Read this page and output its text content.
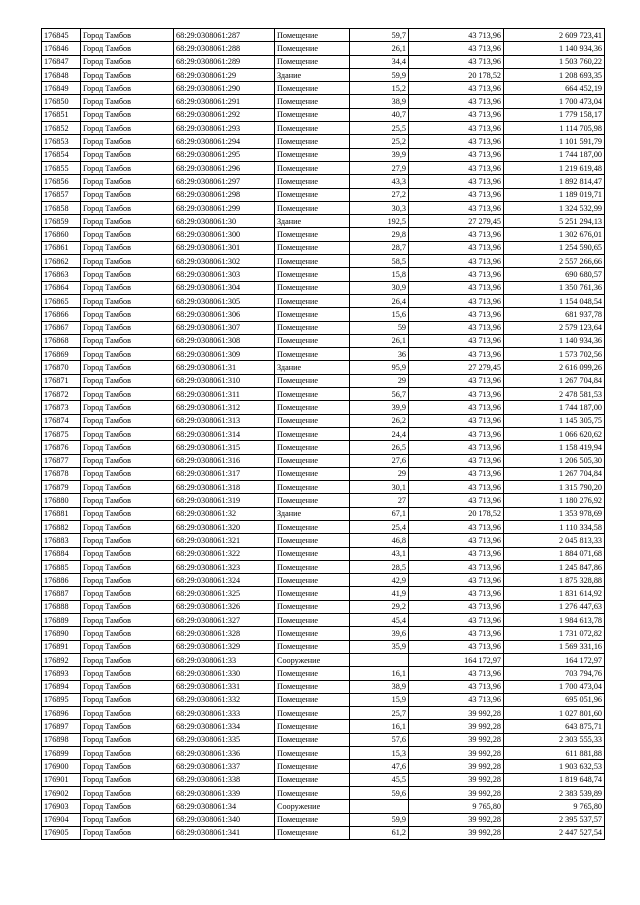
176845	Город Тамбов	68:29:0308061:287	Помещение	59,7	43 713,96	2 609 723,41
176846	Город Тамбов	68:29:0308061:288	Помещение	26,1	43 713,96	1 140 934,36
176847	Город Тамбов	68:29:0308061:289	Помещение	34,4	43 713,96	1 503 760,22
176848	Город Тамбов	68:29:0308061:29	Здание	59,9	20 178,52	1 208 693,35
176849	Город Тамбов	68:29:0308061:290	Помещение	15,2	43 713,96	664 452,19
176850	Город Тамбов	68:29:0308061:291	Помещение	38,9	43 713,96	1 700 473,04
176851	Город Тамбов	68:29:0308061:292	Помещение	40,7	43 713,96	1 779 158,17
176852	Город Тамбов	68:29:0308061:293	Помещение	25,5	43 713,96	1 114 705,98
176853	Город Тамбов	68:29:0308061:294	Помещение	25,2	43 713,96	1 101 591,79
176854	Город Тамбов	68:29:0308061:295	Помещение	39,9	43 713,96	1 744 187,00
176855	Город Тамбов	68:29:0308061:296	Помещение	27,9	43 713,96	1 219 619,48
176856	Город Тамбов	68:29:0308061:297	Помещение	43,3	43 713,96	1 892 814,47
176857	Город Тамбов	68:29:0308061:298	Помещение	27,2	43 713,96	1 189 019,71
176858	Город Тамбов	68:29:0308061:299	Помещение	30,3	43 713,96	1 324 532,99
176859	Город Тамбов	68:29:0308061:30	Здание	192,5	27 279,45	5 251 294,13
176860	Город Тамбов	68:29:0308061:300	Помещение	29,8	43 713,96	1 302 676,01
176861	Город Тамбов	68:29:0308061:301	Помещение	28,7	43 713,96	1 254 590,65
176862	Город Тамбов	68:29:0308061:302	Помещение	58,5	43 713,96	2 557 266,66
176863	Город Тамбов	68:29:0308061:303	Помещение	15,8	43 713,96	690 680,57
176864	Город Тамбов	68:29:0308061:304	Помещение	30,9	43 713,96	1 350 761,36
176865	Город Тамбов	68:29:0308061:305	Помещение	26,4	43 713,96	1 154 048,54
176866	Город Тамбов	68:29:0308061:306	Помещение	15,6	43 713,96	681 937,78
176867	Город Тамбов	68:29:0308061:307	Помещение	59	43 713,96	2 579 123,64
176868	Город Тамбов	68:29:0308061:308	Помещение	26,1	43 713,96	1 140 934,36
176869	Город Тамбов	68:29:0308061:309	Помещение	36	43 713,96	1 573 702,56
176870	Город Тамбов	68:29:0308061:31	Здание	95,9	27 279,45	2 616 099,26
176871	Город Тамбов	68:29:0308061:310	Помещение	29	43 713,96	1 267 704,84
176872	Город Тамбов	68:29:0308061:311	Помещение	56,7	43 713,96	2 478 581,53
176873	Город Тамбов	68:29:0308061:312	Помещение	39,9	43 713,96	1 744 187,00
176874	Город Тамбов	68:29:0308061:313	Помещение	26,2	43 713,96	1 145 305,75
176875	Город Тамбов	68:29:0308061:314	Помещение	24,4	43 713,96	1 066 620,62
176876	Город Тамбов	68:29:0308061:315	Помещение	26,5	43 713,96	1 158 419,94
176877	Город Тамбов	68:29:0308061:316	Помещение	27,6	43 713,96	1 206 505,30
176878	Город Тамбов	68:29:0308061:317	Помещение	29	43 713,96	1 267 704,84
176879	Город Тамбов	68:29:0308061:318	Помещение	30,1	43 713,96	1 315 790,20
176880	Город Тамбов	68:29:0308061:319	Помещение	27	43 713,96	1 180 276,92
176881	Город Тамбов	68:29:0308061:32	Здание	67,1	20 178,52	1 353 978,69
176882	Город Тамбов	68:29:0308061:320	Помещение	25,4	43 713,96	1 110 334,58
176883	Город Тамбов	68:29:0308061:321	Помещение	46,8	43 713,96	2 045 813,33
176884	Город Тамбов	68:29:0308061:322	Помещение	43,1	43 713,96	1 884 071,68
176885	Город Тамбов	68:29:0308061:323	Помещение	28,5	43 713,96	1 245 847,86
176886	Город Тамбов	68:29:0308061:324	Помещение	42,9	43 713,96	1 875 328,88
176887	Город Тамбов	68:29:0308061:325	Помещение	41,9	43 713,96	1 831 614,92
176888	Город Тамбов	68:29:0308061:326	Помещение	29,2	43 713,96	1 276 447,63
176889	Город Тамбов	68:29:0308061:327	Помещение	45,4	43 713,96	1 984 613,78
176890	Город Тамбов	68:29:0308061:328	Помещение	39,6	43 713,96	1 731 072,82
176891	Город Тамбов	68:29:0308061:329	Помещение	35,9	43 713,96	1 569 331,16
176892	Город Тамбов	68:29:0308061:33	Сооружение		164 172,97	164 172,97
176893	Город Тамбов	68:29:0308061:330	Помещение	16,1	43 713,96	703 794,76
176894	Город Тамбов	68:29:0308061:331	Помещение	38,9	43 713,96	1 700 473,04
176895	Город Тамбов	68:29:0308061:332	Помещение	15,9	43 713,96	695 051,96
176896	Город Тамбов	68:29:0308061:333	Помещение	25,7	39 992,28	1 027 801,60
176897	Город Тамбов	68:29:0308061:334	Помещение	16,1	39 992,28	643 875,71
176898	Город Тамбов	68:29:0308061:335	Помещение	57,6	39 992,28	2 303 555,33
176899	Город Тамбов	68:29:0308061:336	Помещение	15,3	39 992,28	611 881,88
176900	Город Тамбов	68:29:0308061:337	Помещение	47,6	39 992,28	1 903 632,53
176901	Город Тамбов	68:29:0308061:338	Помещение	45,5	39 992,28	1 819 648,74
176902	Город Тамбов	68:29:0308061:339	Помещение	59,6	39 992,28	2 383 539,89
176903	Город Тамбов	68:29:0308061:34	Сооружение		9 765,80	9 765,80
176904	Город Тамбов	68:29:0308061:340	Помещение	59,9	39 992,28	2 395 537,57
176905	Город Тамбов	68:29:0308061:341	Помещение	61,2	39 992,28	2 447 527,54
